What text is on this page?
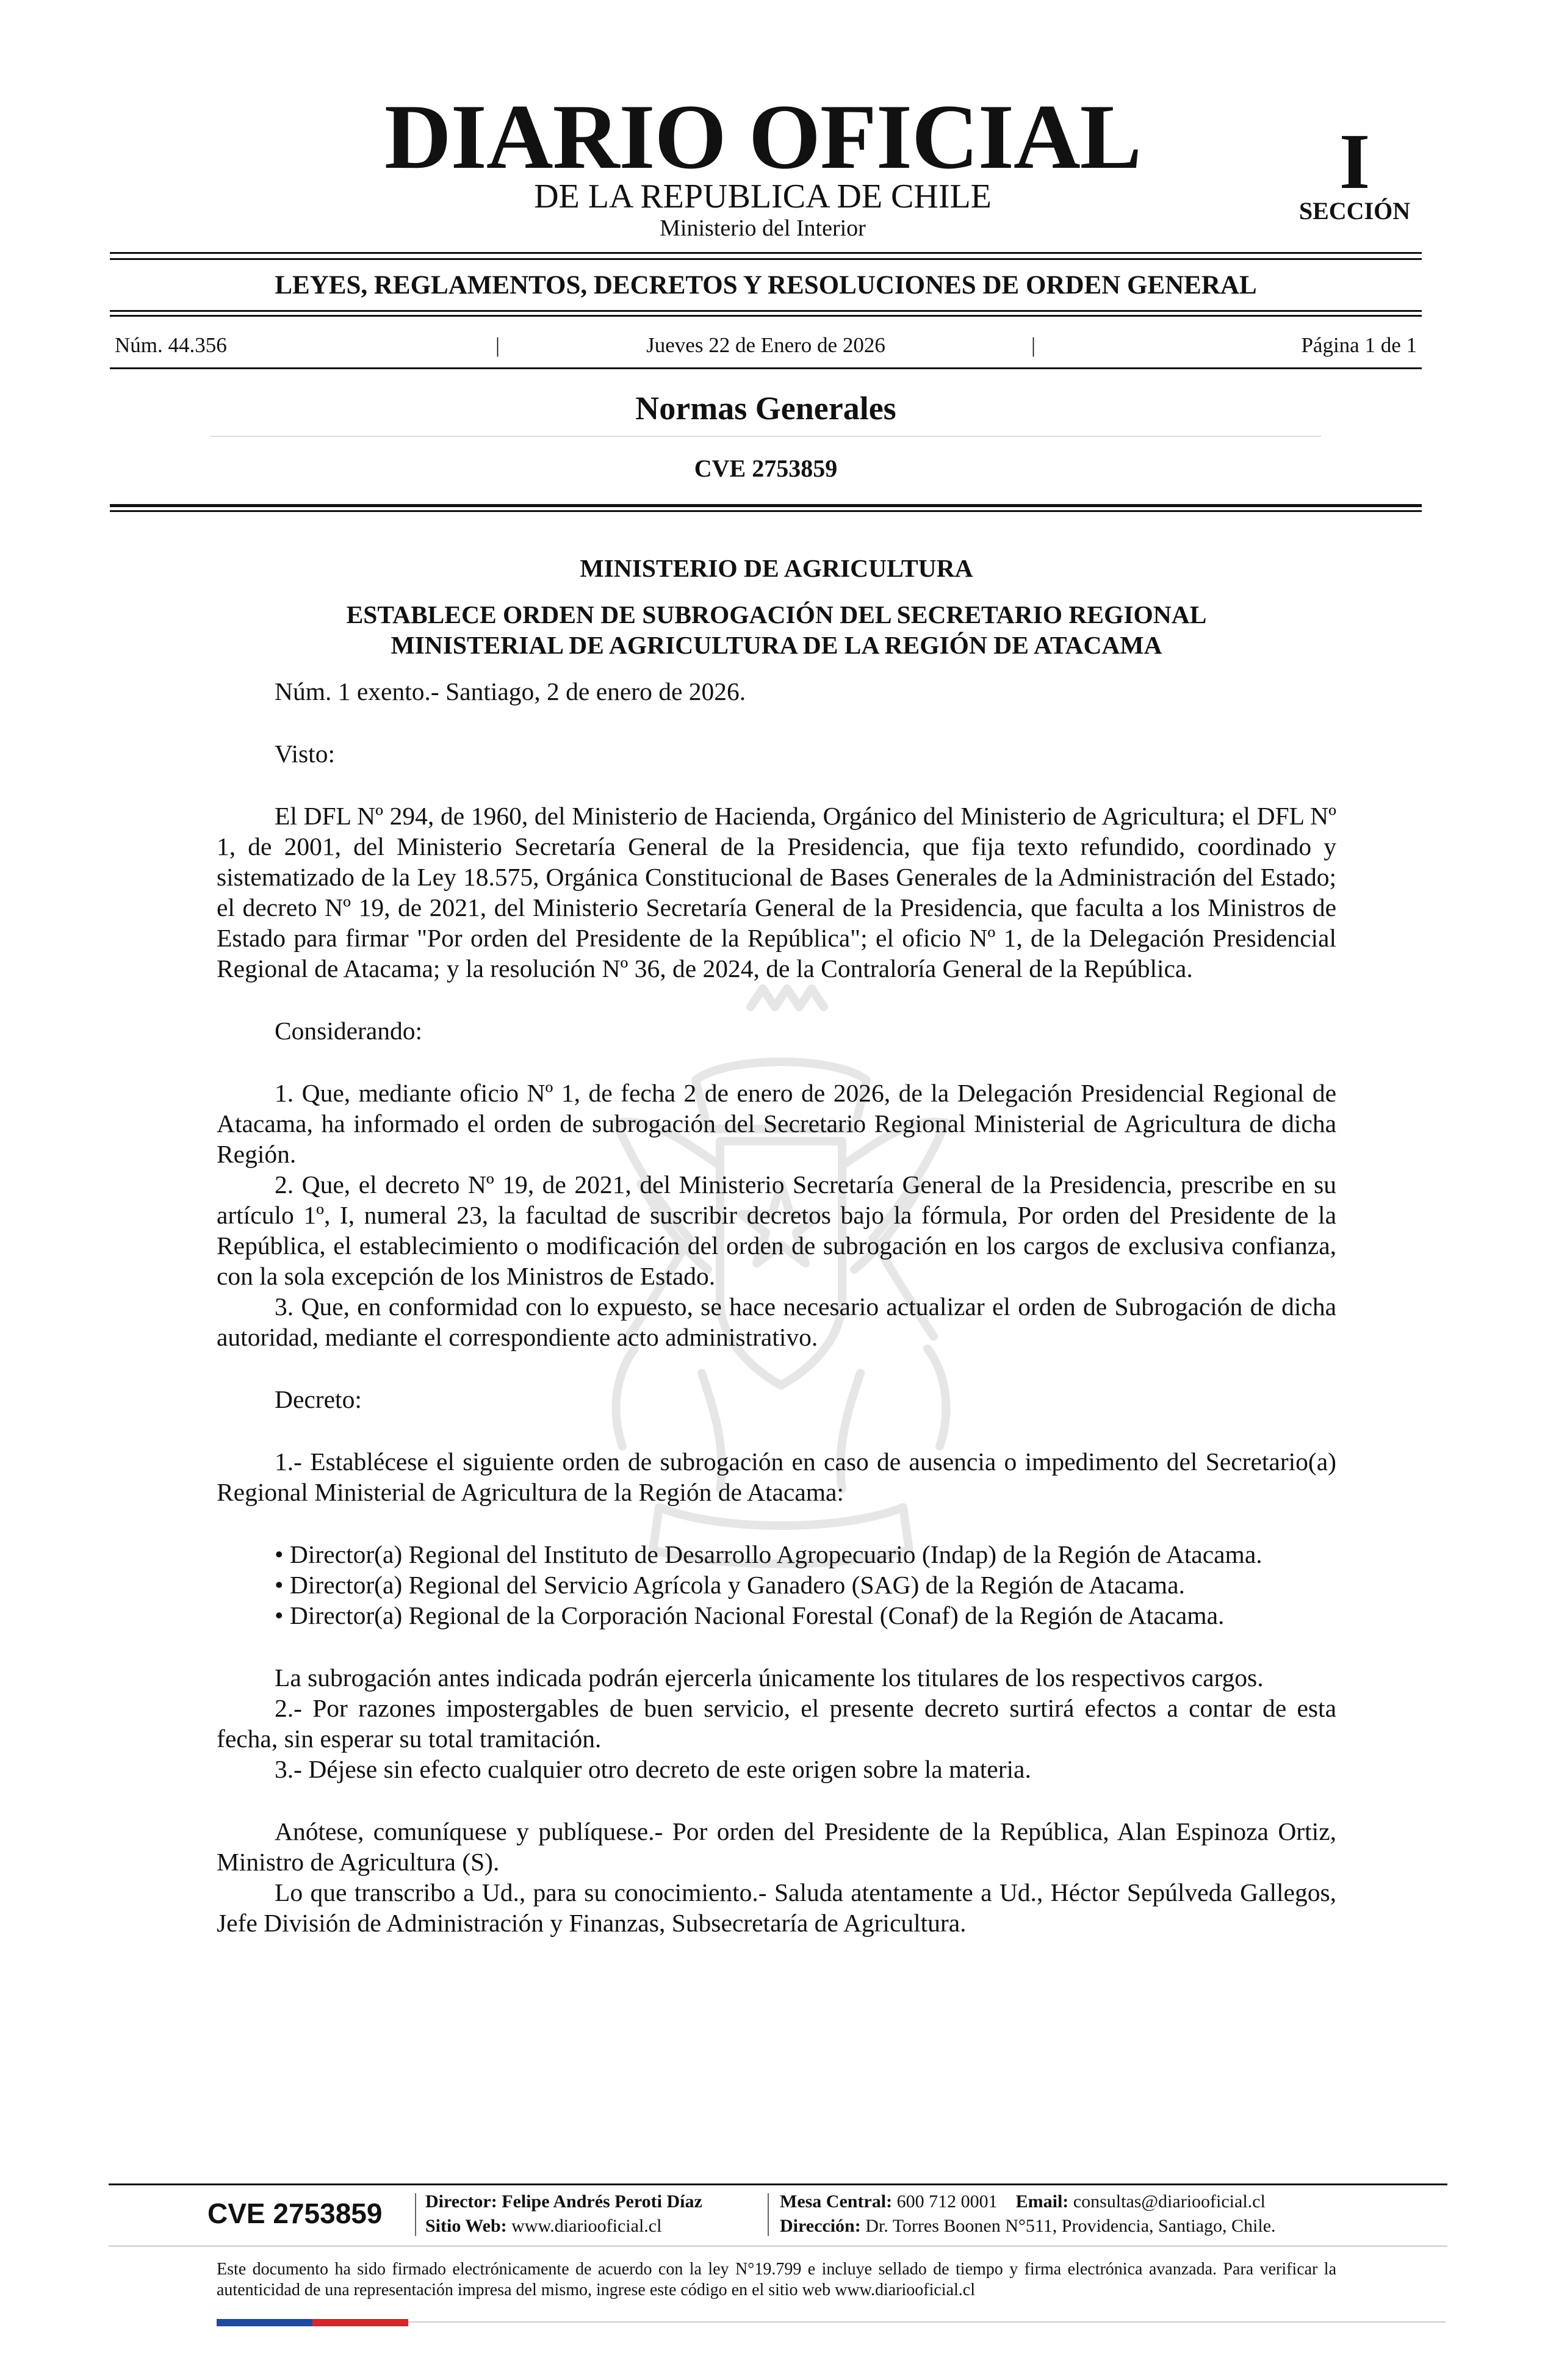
DIARIO OFICIAL
DE LA REPUBLICA DE CHILE
Ministerio del Interior
I
SECCIÓN
LEYES, REGLAMENTOS, DECRETOS Y RESOLUCIONES DE ORDEN GENERAL
Núm. 44.356	|	Jueves 22 de Enero de 2026	|	Página 1 de 1
Normas Generales
CVE 2753859

MINISTERIO DE AGRICULTURA

ESTABLECE ORDEN DE SUBROGACIÓN DEL SECRETARIO REGIONAL

MINISTERIAL DE AGRICULTURA DE LA REGIÓN DE ATACAMA

Núm. 1 exento.- Santiago, 2 de enero de 2026.

Visto:

El DFL Nº 294, de 1960, del Ministerio de Hacienda, Orgánico del Ministerio de Agricultura; el DFL Nº 1, de 2001, del Ministerio Secretaría General de la Presidencia, que fija texto refundido, coordinado y sistematizado de la Ley 18.575, Orgánica Constitucional de Bases Generales de la Administración del Estado; el decreto Nº 19, de 2021, del Ministerio Secretaría General de la Presidencia, que faculta a los Ministros de Estado para firmar "Por orden del Presidente de la República"; el oficio Nº 1, de la Delegación Presidencial Regional de Atacama; y la resolución Nº 36, de 2024, de la Contraloría General de la República.

Considerando:

1. Que, mediante oficio Nº 1, de fecha 2 de enero de 2026, de la Delegación Presidencial Regional de Atacama, ha informado el orden de subrogación del Secretario Regional Ministerial de Agricultura de dicha Región.

2. Que, el decreto Nº 19, de 2021, del Ministerio Secretaría General de la Presidencia, prescribe en su artículo 1º, I, numeral 23, la facultad de suscribir decretos bajo la fórmula, Por orden del Presidente de la República, el establecimiento o modificación del orden de subrogación en los cargos de exclusiva confianza, con la sola excepción de los Ministros de Estado.

3. Que, en conformidad con lo expuesto, se hace necesario actualizar el orden de Subrogación de dicha autoridad, mediante el correspondiente acto administrativo.

Decreto:

1.- Establécese el siguiente orden de subrogación en caso de ausencia o impedimento del Secretario(a) Regional Ministerial de Agricultura de la Región de Atacama:

• Director(a) Regional del Instituto de Desarrollo Agropecuario (Indap) de la Región de Atacama.

• Director(a) Regional del Servicio Agrícola y Ganadero (SAG) de la Región de Atacama.

• Director(a) Regional de la Corporación Nacional Forestal (Conaf) de la Región de Atacama.

La subrogación antes indicada podrán ejercerla únicamente los titulares de los respectivos cargos.

2.- Por razones impostergables de buen servicio, el presente decreto surtirá efectos a contar de esta fecha, sin esperar su total tramitación.

3.- Déjese sin efecto cualquier otro decreto de este origen sobre la materia.

Anótese, comuníquese y publíquese.- Por orden del Presidente de la República, Alan Espinoza Ortiz, Ministro de Agricultura (S).

Lo que transcribo a Ud., para su conocimiento.- Saluda atentamente a Ud., Héctor Sepúlveda Gallegos, Jefe División de Administración y Finanzas, Subsecretaría de Agricultura.

CVE 2753859 Director: Felipe Andrés Peroti Díaz
Sitio Web: www.diariooficial.cl
Mesa Central: 600 712 0001 Email: consultas@diariooficial.cl
Dirección: Dr. Torres Boonen N°511, Providencia, Santiago, Chile.
Este documento ha sido firmado electrónicamente de acuerdo con la ley N°19.799 e incluye sellado de tiempo y firma electrónica avanzada. Para verificar la autenticidad de una representación impresa del mismo, ingrese este código en el sitio web www.diariooficial.cl
